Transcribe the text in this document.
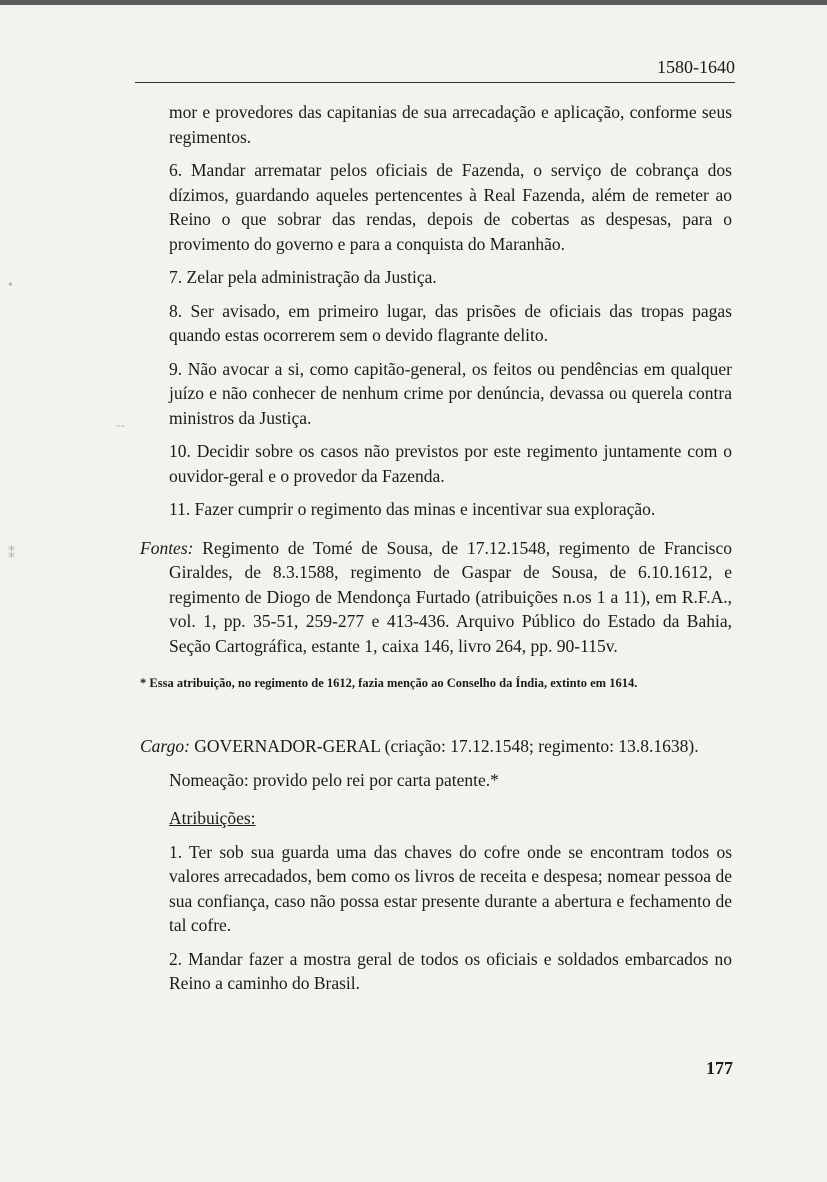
1580-1640
•
⁑
--

mor e provedores das capitanias de sua arrecadação e aplicação, conforme seus regimentos.

6. Mandar arrematar pelos oficiais de Fazenda, o serviço de cobrança dos dízimos, guardando aqueles pertencentes à Real Fazenda, além de remeter ao Reino o que sobrar das rendas, depois de cobertas as despesas, para o provimento do governo e para a conquista do Maranhão.

7. Zelar pela administração da Justiça.

8. Ser avisado, em primeiro lugar, das prisões de oficiais das tropas pagas quando estas ocorrerem sem o devido flagrante delito.

9. Não avocar a si, como capitão-general, os feitos ou pendências em qualquer juízo e não conhecer de nenhum crime por denúncia, devassa ou querela contra ministros da Justiça.

10. Decidir sobre os casos não previstos por este regimento juntamente com o ouvidor-geral e o provedor da Fazenda.

11. Fazer cumprir o regimento das minas e incentivar sua exploração.

Fontes: Regimento de Tomé de Sousa, de 17.12.1548, regimento de Francisco Giraldes, de 8.3.1588, regimento de Gaspar de Sousa, de 6.10.1612, e regimento de Diogo de Mendonça Furtado (atribuições n.os 1 a 11), em R.F.A., vol. 1, pp. 35-51, 259-277 e 413-436. Arquivo Público do Estado da Bahia, Seção Cartográfica, estante 1, caixa 146, livro 264, pp. 90-115v.

* Essa atribuição, no regimento de 1612, fazia menção ao Conselho da Índia, extinto em 1614.

Cargo: GOVERNADOR-GERAL (criação: 17.12.1548; regimento: 13.8.1638).

Nomeação: provido pelo rei por carta patente.*

Atribuições:

1. Ter sob sua guarda uma das chaves do cofre onde se encontram todos os valores arrecadados, bem como os livros de receita e despesa; nomear pessoa de sua confiança, caso não possa estar presente durante a abertura e fechamento de tal cofre.

2. Mandar fazer a mostra geral de todos os oficiais e soldados embarcados no Reino a caminho do Brasil.

177
